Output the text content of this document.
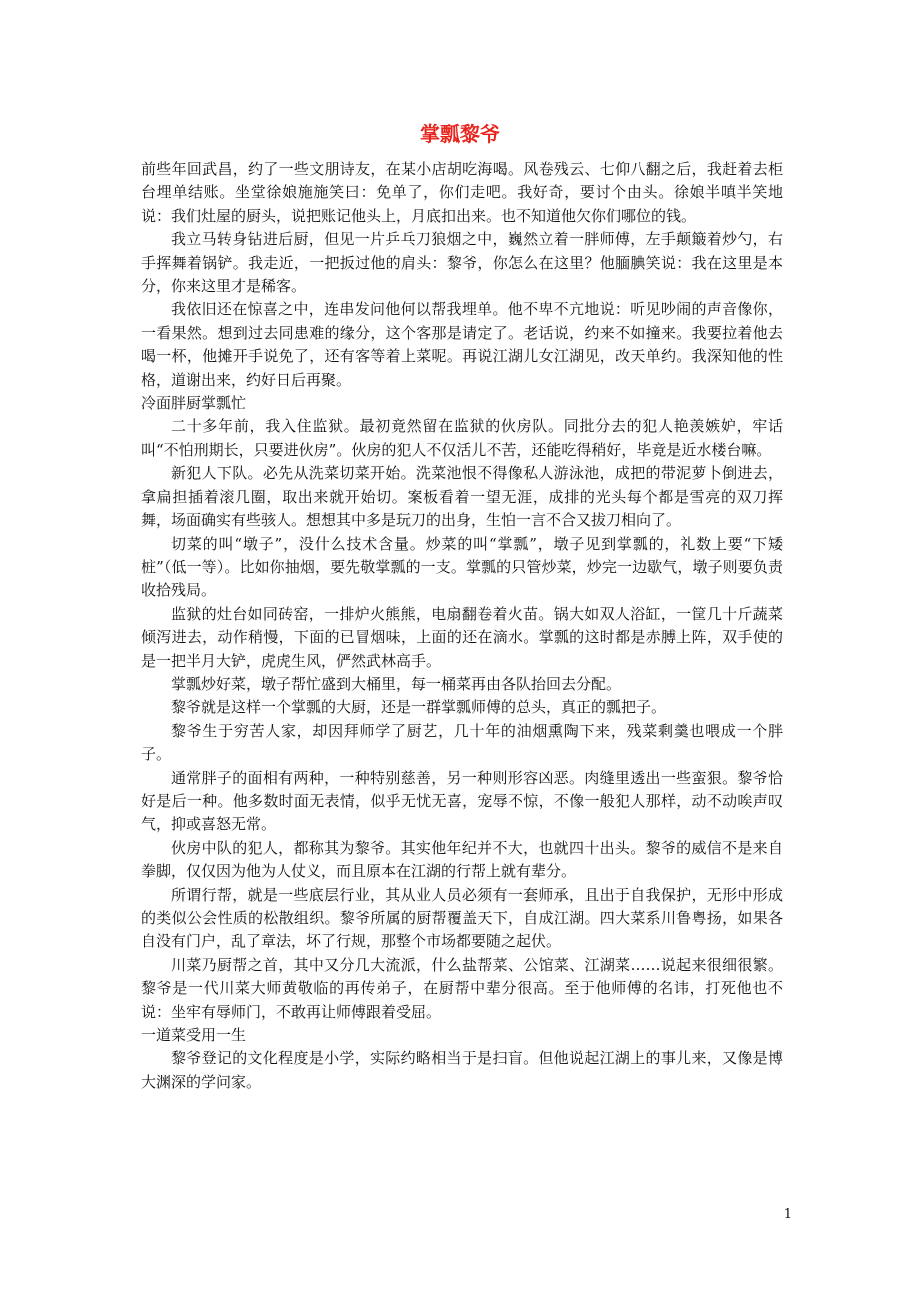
掌瓢黎爷

前些年回武昌，约了一些文朋诗友，在某小店胡吃海喝。风卷残云、七仰八翻之后，我赶着去柜台埋单结账。坐堂徐娘施施笑曰：免单了，你们走吧。我好奇，要讨个由头。徐娘半嗔半笑地说：我们灶屋的厨头，说把账记他头上，月底扣出来。也不知道他欠你们哪位的钱。

我立马转身钻进后厨，但见一片乒乓刀狼烟之中，巍然立着一胖师傅，左手颠簸着炒勺，右手挥舞着锅铲。我走近，一把扳过他的肩头：黎爷，你怎么在这里？他腼腆笑说：我在这里是本分，你来这里才是稀客。

我依旧还在惊喜之中，连串发问他何以帮我埋单。他不卑不亢地说：听见吵闹的声音像你，一看果然。想到过去同患难的缘分，这个客那是请定了。老话说，约来不如撞来。我要拉着他去喝一杯，他摊开手说免了，还有客等着上菜呢。再说江湖儿女江湖见，改天单约。我深知他的性格，道谢出来，约好日后再聚。

冷面胖厨掌瓢忙

二十多年前，我入住监狱。最初竟然留在监狱的伙房队。同批分去的犯人艳羡嫉妒，牢话叫“不怕刑期长，只要进伙房”。伙房的犯人不仅活儿不苦，还能吃得稍好，毕竟是近水楼台嘛。

新犯人下队。必先从洗菜切菜开始。洗菜池恨不得像私人游泳池，成把的带泥萝卜倒进去，拿扁担插着滚几圈，取出来就开始切。案板看着一望无涯，成排的光头每个都是雪亮的双刀挥舞，场面确实有些骇人。想想其中多是玩刀的出身，生怕一言不合又拔刀相向了。

切菜的叫“墩子”，没什么技术含量。炒菜的叫“掌瓢”，墩子见到掌瓢的，礼数上要“下矮桩”（低一等）。比如你抽烟，要先敬掌瓢的一支。掌瓢的只管炒菜，炒完一边歇气，墩子则要负责收拾残局。

监狱的灶台如同砖窑，一排炉火熊熊，电扇翻卷着火苗。锅大如双人浴缸，一筐几十斤蔬菜倾泻进去，动作稍慢，下面的已冒烟味，上面的还在滴水。掌瓢的这时都是赤膊上阵，双手使的是一把半月大铲，虎虎生风，俨然武林高手。

掌瓢炒好菜，墩子帮忙盛到大桶里，每一桶菜再由各队抬回去分配。

黎爷就是这样一个掌瓢的大厨，还是一群掌瓢师傅的总头，真正的瓢把子。

黎爷生于穷苦人家，却因拜师学了厨艺，几十年的油烟熏陶下来，残菜剩羹也喂成一个胖子。

通常胖子的面相有两种，一种特别慈善，另一种则形容凶恶。肉缝里透出一些蛮狠。黎爷恰好是后一种。他多数时面无表情，似乎无忧无喜，宠辱不惊，不像一般犯人那样，动不动唉声叹气，抑或喜怒无常。

伙房中队的犯人，都称其为黎爷。其实他年纪并不大，也就四十出头。黎爷的威信不是来自拳脚，仅仅因为他为人仗义，而且原本在江湖的行帮上就有辈分。

所谓行帮，就是一些底层行业，其从业人员必须有一套师承，且出于自我保护，无形中形成的类似公会性质的松散组织。黎爷所属的厨帮覆盖天下，自成江湖。四大菜系川鲁粤扬，如果各自没有门户，乱了章法，坏了行规，那整个市场都要随之起伏。

川菜乃厨帮之首，其中又分几大流派，什么盐帮菜、公馆菜、江湖菜……说起来很细很繁。黎爷是一代川菜大师黄敬临的再传弟子，在厨帮中辈分很高。至于他师傅的名讳，打死他也不说：坐牢有辱师门，不敢再让师傅跟着受屈。

一道菜受用一生

黎爷登记的文化程度是小学，实际约略相当于是扫盲。但他说起江湖上的事儿来，又像是博大渊深的学问家。

1
